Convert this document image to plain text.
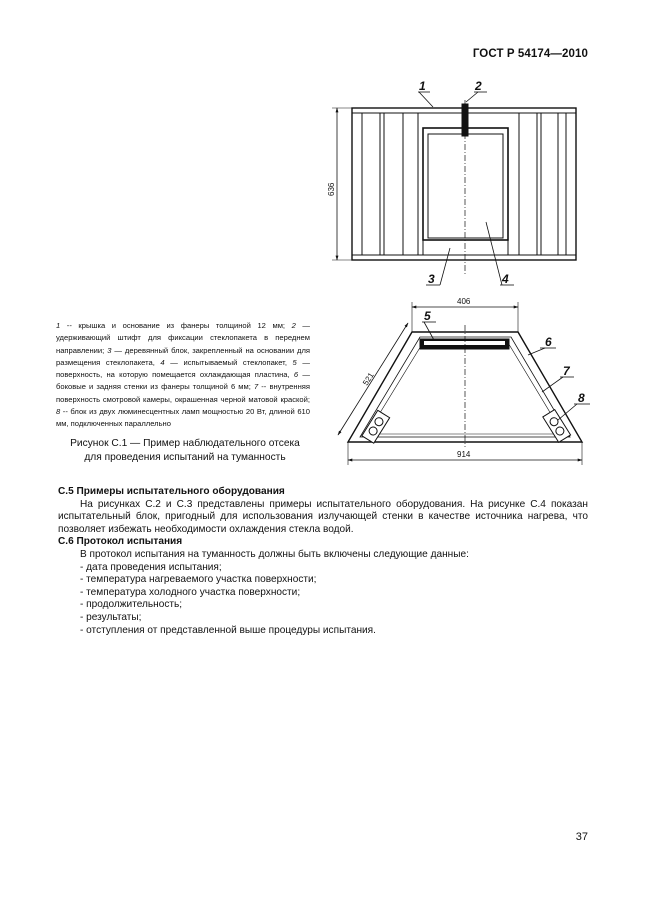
ГОСТ Р 54174—2010
1	2
3	4
5
6
7
8
636
406
521
914
1 -- крышка и основание из фанеры толщиной 12 мм; 2 — удерживающий штифт для фиксации стеклопакета в переднем направлении; 3 — деревянный блок, закрепленный на основании для размещения стеклопакета, 4 — испытываемый стеклопакет, 5 — поверхность, на которую помещается охлаждающая пластина, 6 — боковые и задняя стенки из фанеры толщиной 6 мм; 7 -- внутренняя поверхность смотровой камеры, окрашенная черной матовой краской; 8 -- блок из двух люминесцентных ламп мощностью 20 Вт, длиной 610 мм, подключенных параллельно
Рисунок С.1 — Пример наблюдательного отсека
для проведения испытаний на туманность
С.5 Примеры испытательного оборудования
На рисунках С.2 и С.3 представлены примеры испытательного оборудования. На рисунке С.4 показан испытательный блок, пригодный для использования излучающей стенки в качестве источника нагрева, что позволяет избежать необходимости охлаждения стекла водой.
С.6 Протокол испытания
В протокол испытания на туманность должны быть включены следующие данные:
- дата проведения испытания;
- температура нагреваемого участка поверхности;
- температура холодного участка поверхности;
- продолжительность;
- результаты;
- отступления от представленной выше процедуры испытания.
37
